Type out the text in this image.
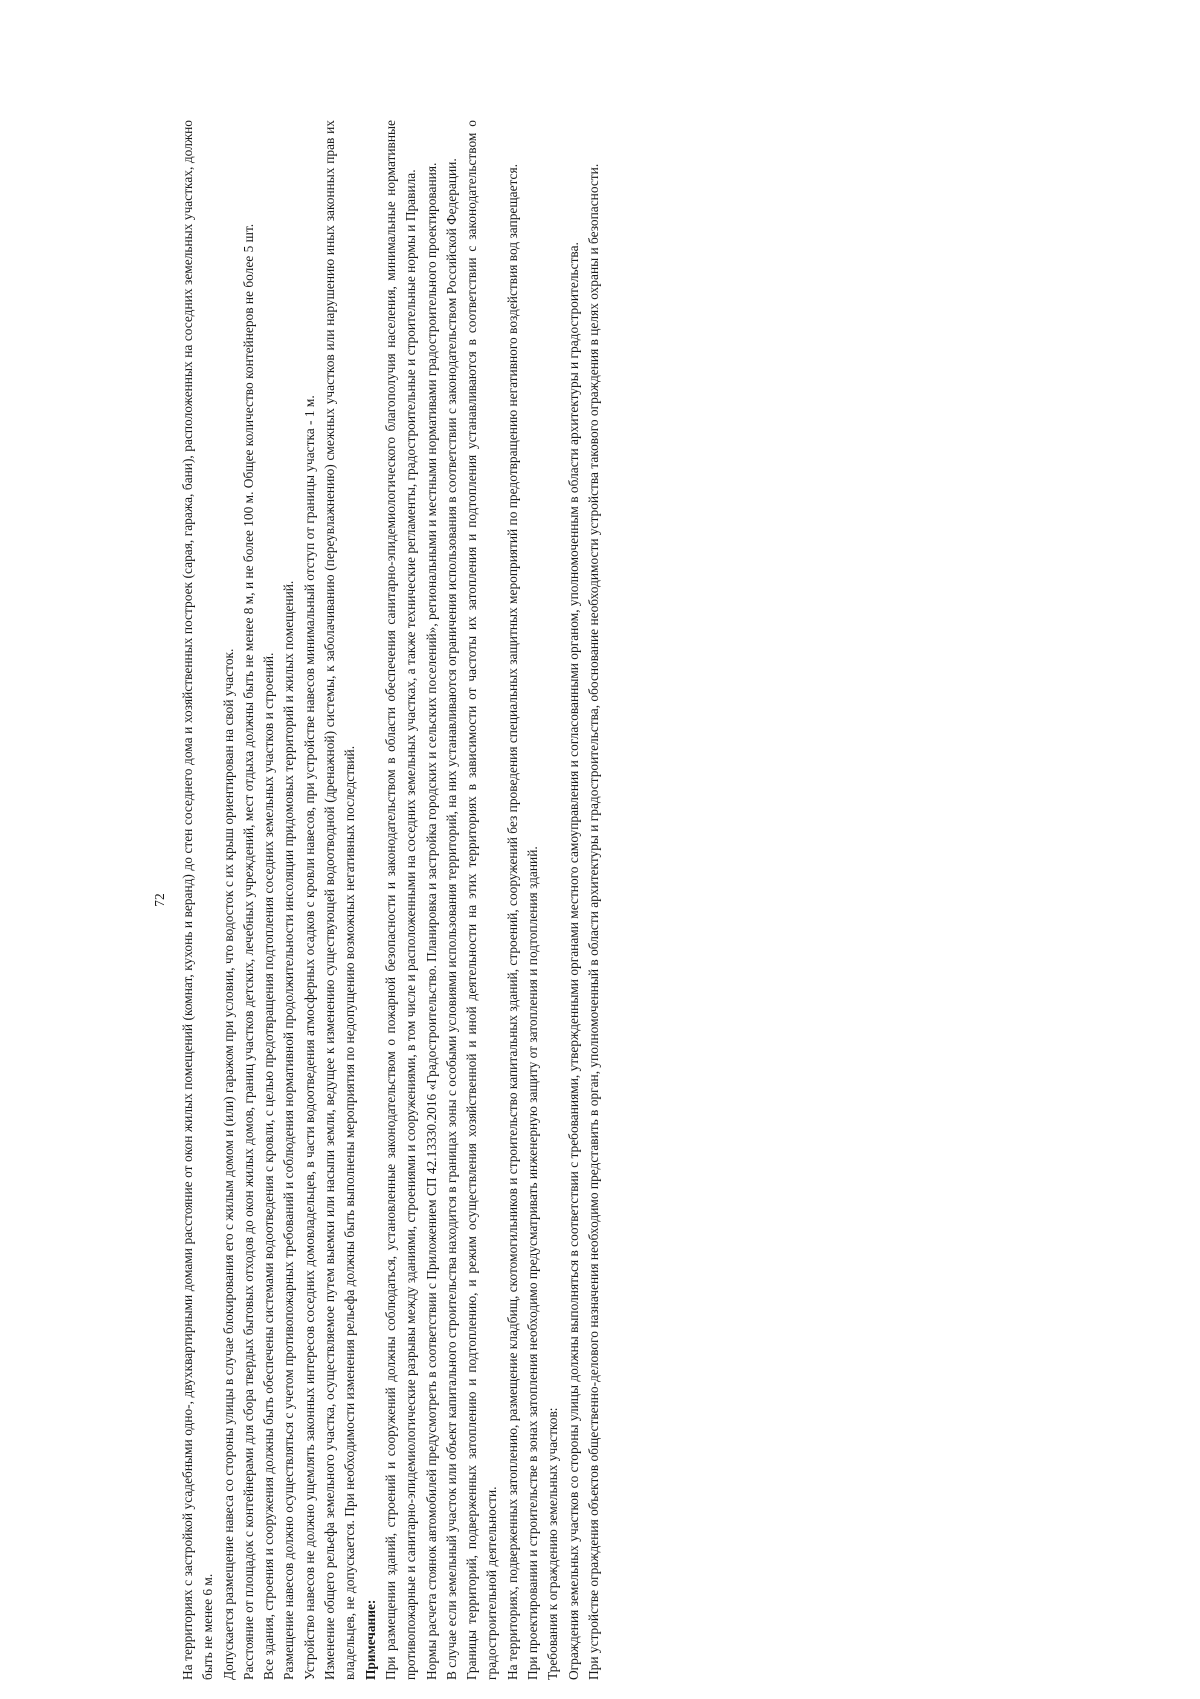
72 На территориях с застройкой усадебными одно-, двухквартирными домами расстояние от окон жилых помещений (комнат, кухонь и веранд) до стен соседнего дома и хозяйственных построек (сарая, гаража, бани), расположенных на соседних земельных участках, должно быть не менее 6 м. Допускается размещение навеса со стороны улицы в случае блокирования его с жилым домом и (или) гаражом при условии, что водосток с их крыш ориентирован на свой участок. Расстояние от площадок с контейнерами для сбора твердых бытовых отходов до окон жилых домов, границ участков детских, лечебных учреждений, мест отдыха должны быть не менее 8 м, и не более 100 м. Общее количество контейнеров не более 5 шт. Все здания, строения и сооружения должны быть обеспечены системами водоотведения с кровли, с целью предотвращения подтопления соседних земельных участков и строений. Размещение навесов должно осуществляться с учетом противопожарных требований и соблюдения нормативной продолжительности инсоляции придомовых территорий и жилых помещений. Устройство навесов не должно ущемлять законных интересов соседних домовладельцев, в части водоотведения атмосферных осадков с кровли навесов, при устройстве навесов минимальный отступ от границы участка - 1 м. Изменение общего рельефа земельного участка, осуществляемое путем выемки или насыпи земли, ведущее к изменению существующей водоотводной (дренажной) системы, к заболачиванию (переувлажнению) смежных участков или нарушению иных законных прав их владельцев, не допускается. При необходимости изменения рельефа должны быть выполнены мероприятия по недопущению возможных негативных последствий. Примечание: При размещении зданий, строений и сооружений должны соблюдаться, установленные законодательством о пожарной безопасности и законодательством в области обеспечения санитарно-эпидемиологического благополучия населения, минимальные нормативные противопожарные и санитарно-эпидемиологические разрывы между зданиями, строениями и сооружениями, в том числе и расположенными на соседних земельных участках, а также технические регламенты, градостроительные и строительные нормы и Правила. Нормы расчета стоянок автомобилей предусмотреть в соответствии с Приложением СП 42.13330.2016 «Градостроительство. Планировка и застройка городских и сельских поселений», региональными и местными нормативами градостроительного проектирования. В случае если земельный участок или объект капитального строительства находится в границах зоны с особыми условиями использования территорий, на них устанавливаются ограничения использования в соответствии с законодательством Российской Федерации. Границы территорий, подверженных затоплению и подтоплению, и режим осуществления хозяйственной и иной деятельности на этих территориях в зависимости от частоты их затопления и подтопления устанавливаются в соответствии с законодательством о градостроительной деятельности. На территориях, подверженных затоплению, размещение кладбищ, скотомогильников и строительство капитальных зданий, строений, сооружений без проведения специальных защитных мероприятий по предотвращению негативного воздействия вод запрещается. При проектировании и строительстве в зонах затопления необходимо предусматривать инженерную защиту от затопления и подтопления зданий. Требования к ограждению земельных участков: Ограждения земельных участков со стороны улицы должны выполняться в соответствии с требованиями, утвержденными органами местного самоуправления и согласованными органом, уполномоченным в области архитектуры и градостроительства. При устройстве ограждения объектов общественно-делового назначения необходимо представить в орган, уполномоченный в области архитектуры и градостроительства, обоснование необходимости устройства такового ограждения в целях охраны и безопасности.
